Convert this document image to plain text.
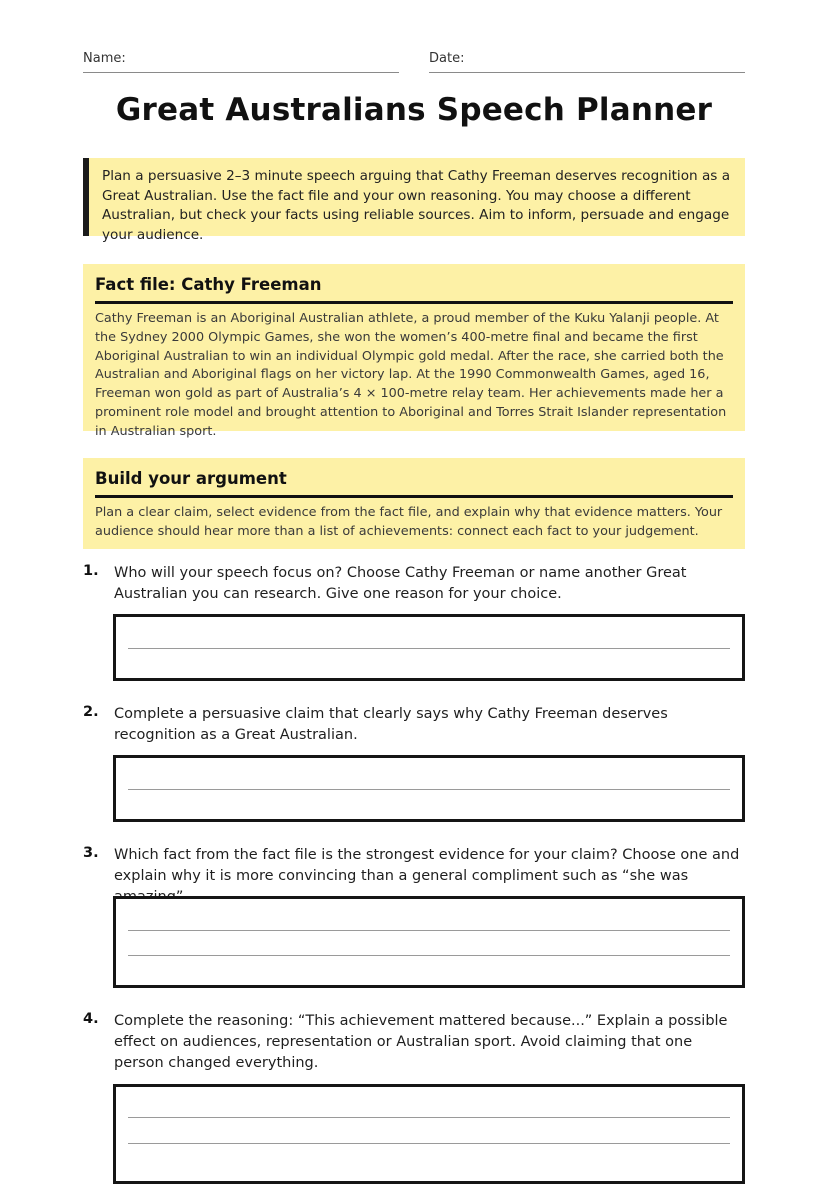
Name:	Date:
Great Australians Speech Planner
Plan a persuasive 2–3 minute speech arguing that Cathy Freeman deserves recognition as a Great Australian. Use the fact file and your own reasoning. You may choose a different Australian, but check your facts using reliable sources. Aim to inform, persuade and engage your audience.
Fact file: Cathy Freeman

Cathy Freeman is an Aboriginal Australian athlete, a proud member of the Kuku Yalanji people. At the Sydney 2000 Olympic Games, she won the women’s 400-metre final and became the first Aboriginal Australian to win an individual Olympic gold medal. After the race, she carried both the Australian and Aboriginal flags on her victory lap. At the 1990 Commonwealth Games, aged 16, Freeman won gold as part of Australia’s 4 × 100-metre relay team. Her achievements made her a prominent role model and brought attention to Aboriginal and Torres Strait Islander representation in Australian sport.

Build your argument

Plan a clear claim, select evidence from the fact file, and explain why that evidence matters. Your audience should hear more than a list of achievements: connect each fact to your judgement.

1. Who will your speech focus on? Choose Cathy Freeman or name another Great Australian you can research. Give one reason for your choice.
2. Complete a persuasive claim that clearly says why Cathy Freeman deserves recognition as a Great Australian.
3. Which fact from the fact file is the strongest evidence for your claim? Choose one and explain why it is more convincing than a general compliment such as “she was
4. Complete the reasoning: “This achievement mattered because...” Explain a possible effect on audiences, representation or Australian sport. Avoid claiming that one person changed everything.
